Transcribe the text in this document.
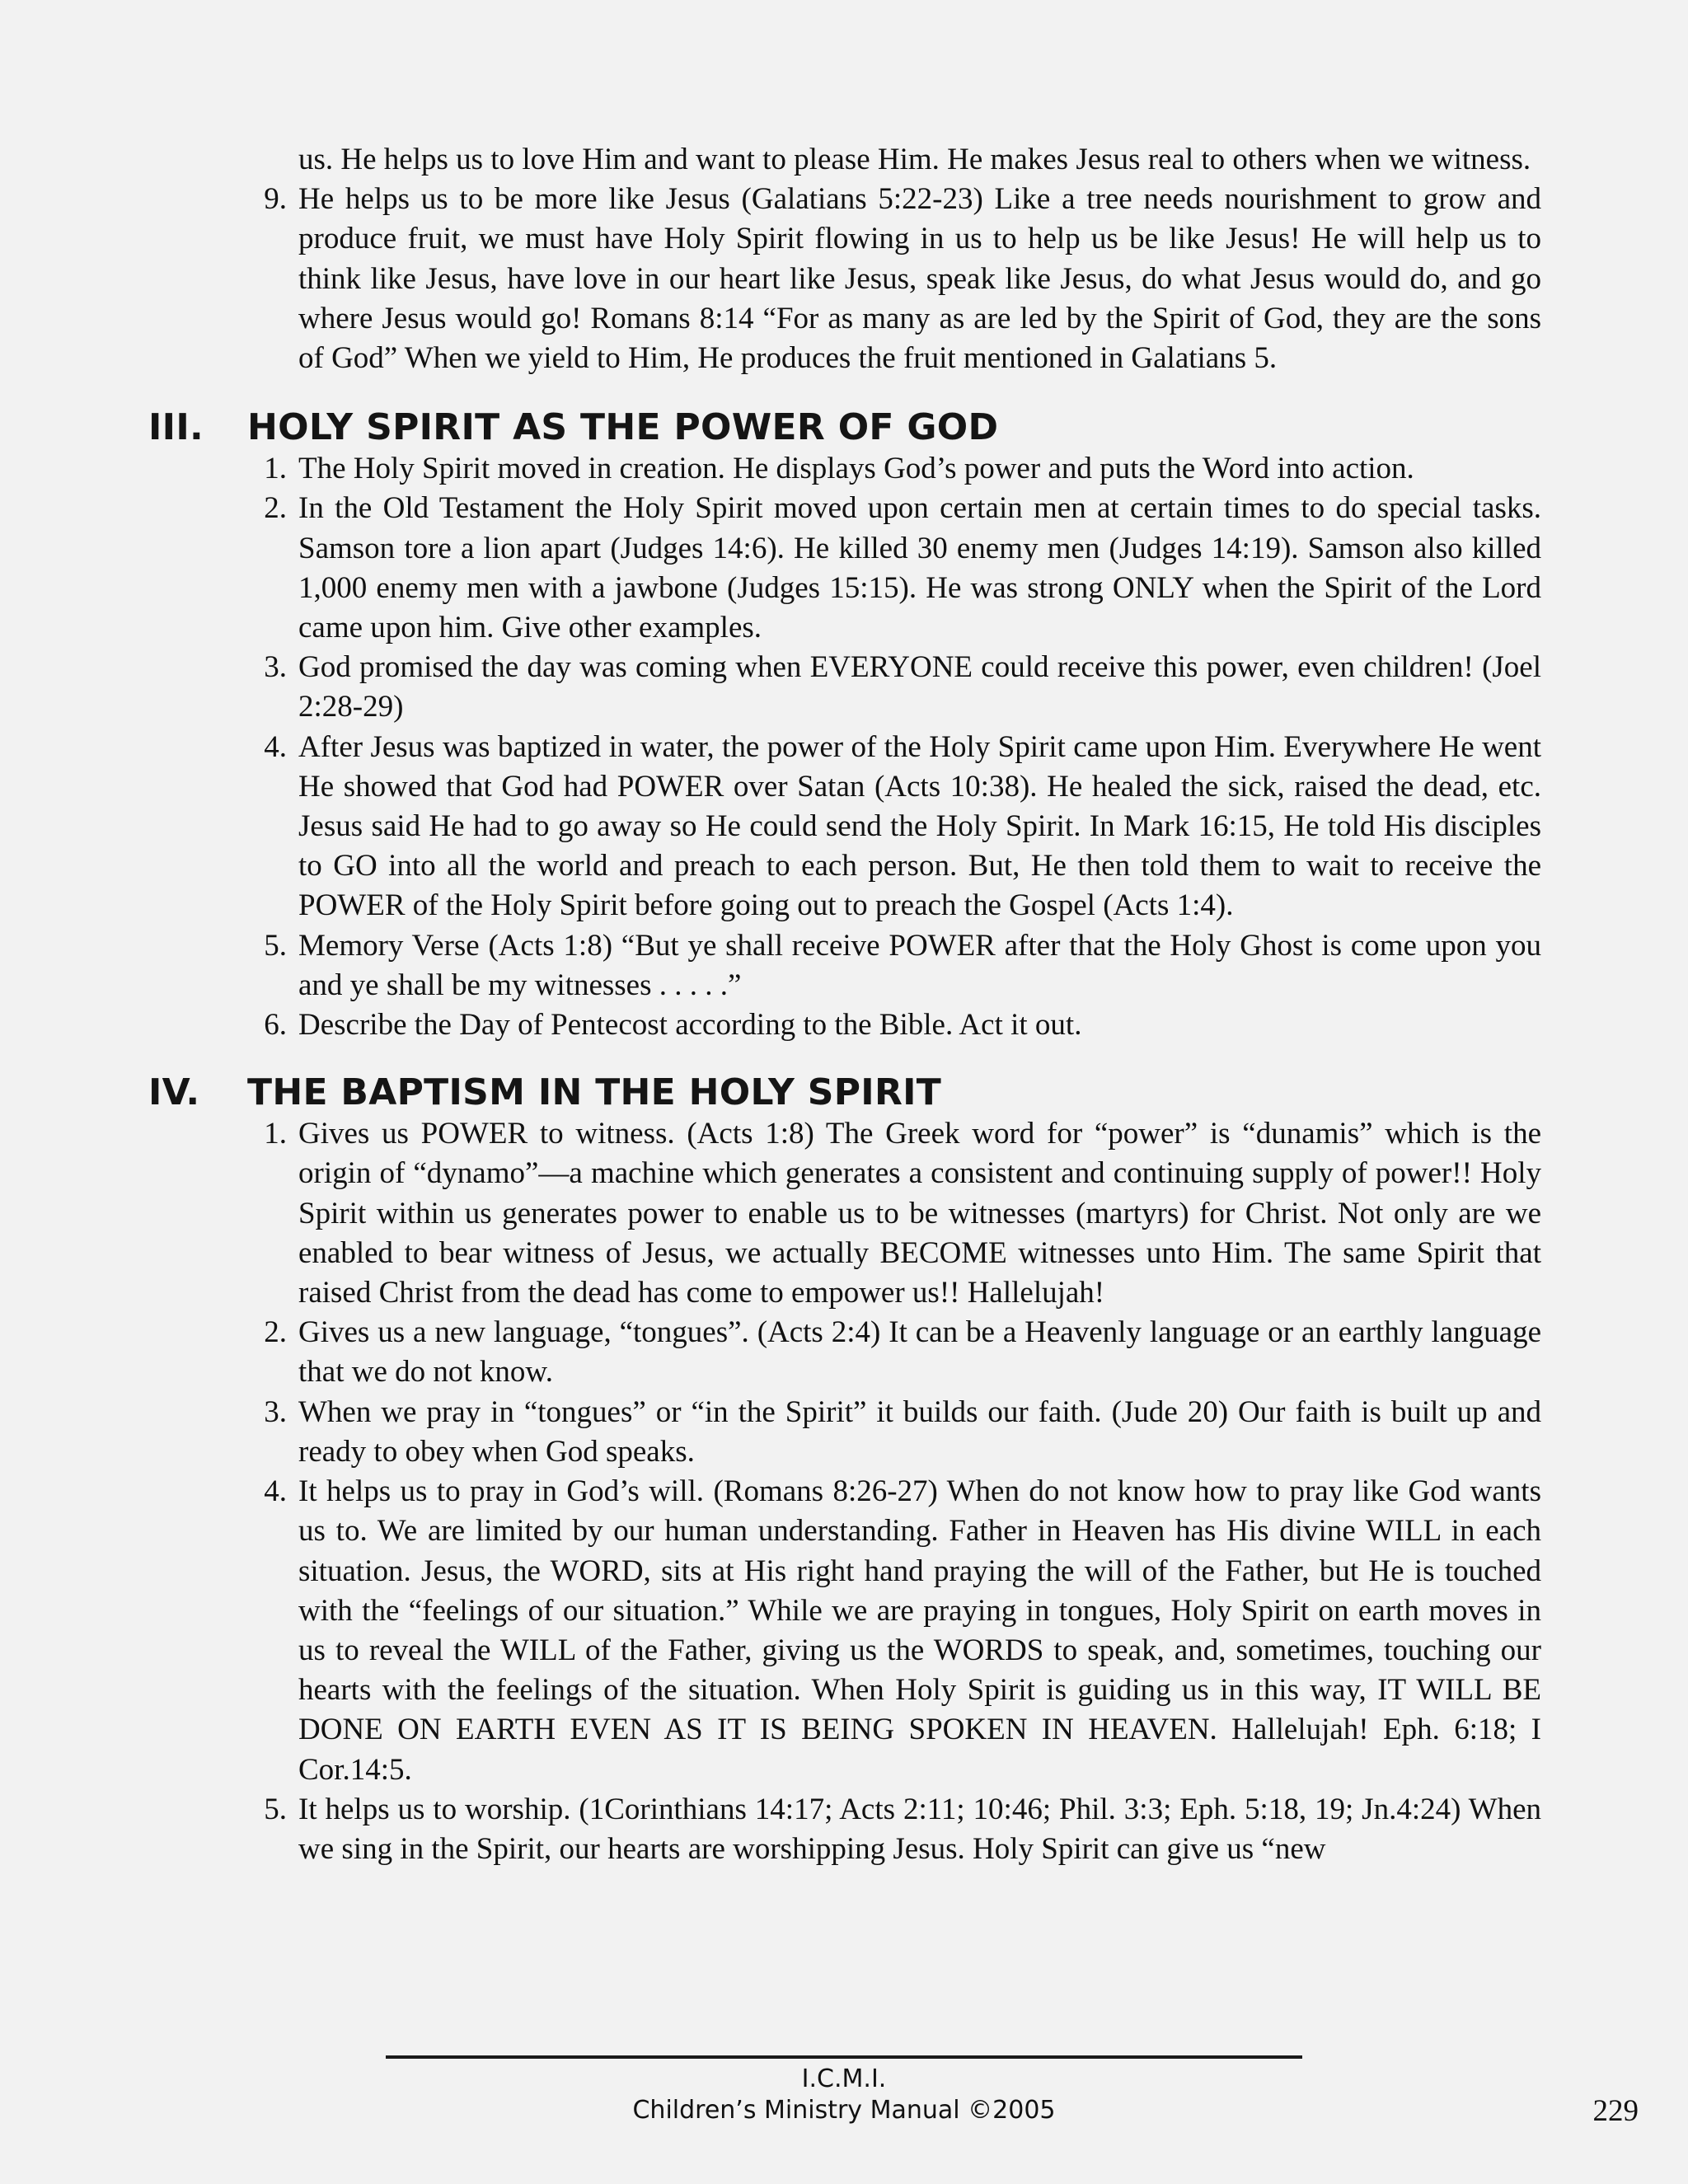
us. He helps us to love Him and want to please Him. He makes Jesus real to others when we witness.
9. He helps us to be more like Jesus (Galatians 5:22-23) Like a tree needs nourishment to grow and produce fruit, we must have Holy Spirit flowing in us to help us be like Jesus! He will help us to think like Jesus, have love in our heart like Jesus, speak like Jesus, do what Jesus would do, and go where Jesus would go! Romans 8:14 “For as many as are led by the Spirit of God, they are the sons of God” When we yield to Him, He produces the fruit mentioned in Galatians 5.
III. HOLY SPIRIT AS THE POWER OF GOD
1. The Holy Spirit moved in creation. He displays God’s power and puts the Word into action.
2. In the Old Testament the Holy Spirit moved upon certain men at certain times to do special tasks. Samson tore a lion apart (Judges 14:6). He killed 30 enemy men (Judges 14:19). Samson also killed 1,000 enemy men with a jawbone (Judges 15:15). He was strong ONLY when the Spirit of the Lord came upon him. Give other examples.
3. God promised the day was coming when EVERYONE could receive this power, even children! (Joel 2:28-29)
4. After Jesus was baptized in water, the power of the Holy Spirit came upon Him. Everywhere He went He showed that God had POWER over Satan (Acts 10:38). He healed the sick, raised the dead, etc. Jesus said He had to go away so He could send the Holy Spirit. In Mark 16:15, He told His disciples to GO into all the world and preach to each person. But, He then told them to wait to receive the POWER of the Holy Spirit before going out to preach the Gospel (Acts 1:4).
5. Memory Verse (Acts 1:8) “But ye shall receive POWER after that the Holy Ghost is come upon you and ye shall be my witnesses . . . . .”
6. Describe the Day of Pentecost according to the Bible. Act it out.
IV. THE BAPTISM IN THE HOLY SPIRIT
1. Gives us POWER to witness. (Acts 1:8) The Greek word for “power” is “dunamis” which is the origin of “dynamo”—a machine which generates a consistent and continuing supply of power!! Holy Spirit within us generates power to enable us to be witnesses (martyrs) for Christ. Not only are we enabled to bear witness of Jesus, we actually BECOME witnesses unto Him. The same Spirit that raised Christ from the dead has come to empower us!! Hallelujah!
2. Gives us a new language, “tongues”. (Acts 2:4) It can be a Heavenly language or an earthly language that we do not know.
3. When we pray in “tongues” or “in the Spirit” it builds our faith. (Jude 20) Our faith is built up and ready to obey when God speaks.
4. It helps us to pray in God’s will. (Romans 8:26-27) When do not know how to pray like God wants us to. We are limited by our human understanding. Father in Heaven has His divine WILL in each situation. Jesus, the WORD, sits at His right hand praying the will of the Father, but He is touched with the “feelings of our situation.” While we are praying in tongues, Holy Spirit on earth moves in us to reveal the WILL of the Father, giving us the WORDS to speak, and, sometimes, touching our hearts with the feelings of the situation. When Holy Spirit is guiding us in this way, IT WILL BE DONE ON EARTH EVEN AS IT IS BEING SPOKEN IN HEAVEN. Hallelujah! Eph. 6:18; I Cor.14:5.
5. It helps us to worship. (1Corinthians 14:17; Acts 2:11; 10:46; Phil. 3:3; Eph. 5:18, 19; Jn.4:24) When we sing in the Spirit, our hearts are worshipping Jesus. Holy Spirit can give us “new
I.C.M.I.
Children’s Ministry Manual ©2005	229
